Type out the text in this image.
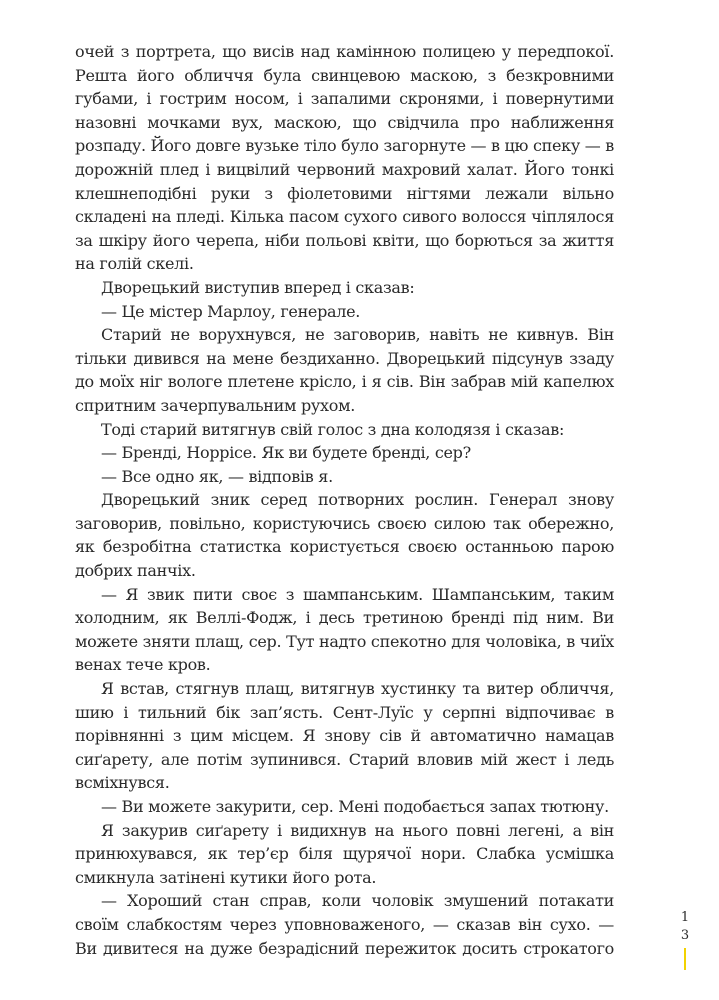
очей з портрета, що висів над камінною полицею у передпокої. Решта його обличчя була свинцевою маскою, з безкровними губами, і гострим носом, і запалими скронями, і повернутими назовні мочками вух, маскою, що свідчила про наближення розпаду. Його довге вузьке тіло було загорнуте — в цю спеку — в дорожній плед і вицвілий червоний махровий халат. Його тонкі клешнеподібні руки з фіолетовими нігтями лежали вільно складені на пледі. Кілька пасом сухого сивого волосся чіплялося за шкіру його черепа, ніби польові квіти, що борються за життя на голій скелі.

Дворецький виступив вперед і сказав:

— Це містер Марлоу, генерале.

Старий не ворухнувся, не заговорив, навіть не кивнув. Він тільки дивився на мене бездиханно. Дворецький підсунув ззаду до моїх ніг вологе плетене крісло, і я сів. Він забрав мій капелюх спритним зачерпувальним рухом.

Тоді старий витягнув свій голос з дна колодязя і сказав:

— Бренді, Норрісе. Як ви будете бренді, сер?

— Все одно як, — відповів я.

Дворецький зник серед потворних рослин. Генерал знову заговорив, повільно, користуючись своєю силою так обережно, як безробітна статистка користується своєю останньою парою добрих панчіх.

— Я звик пити своє з шампанським. Шампанським, таким холодним, як Веллі-Фодж, і десь третиною бренді під ним. Ви можете зняти плащ, сер. Тут надто спекотно для чоловіка, в чиїх венах тече кров.

Я встав, стягнув плащ, витягнув хустинку та витер обличчя, шию і тильний бік зап’ясть. Сент-Луїс у серпні відпочиває в порівнянні з цим місцем. Я знову сів й автоматично намацав сиґарету, але потім зупинився. Старий вловив мій жест і ледь всміхнувся.

— Ви можете закурити, сер. Мені подобається запах тютюну.

Я закурив сиґарету і видихнув на нього повні легені, а він принюхувався, як тер’єр біля щурячої нори. Слабка усмішка смикнула затінені кутики його рота.

— Хороший стан справ, коли чоловік змушений потакати своїм слабкостям через уповноваженого, — сказав він сухо. — Ви дивитеся на дуже безрадісний пережиток досить строкатого

1
3
